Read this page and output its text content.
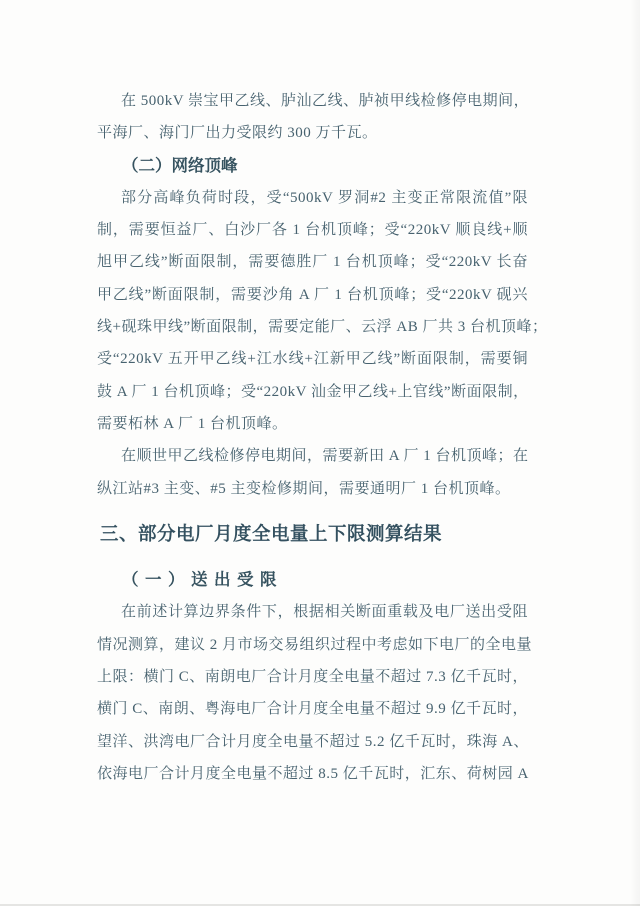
在 500kV 崇宝甲乙线、胪汕乙线、胪祯甲线检修停电期间，
平海厂、海门厂出力受限约 300 万千瓦。
（二）网络顶峰
部分高峰负荷时段，受“500kV 罗洞#2 主变正常限流值”限
制，需要恒益厂、白沙厂各 1 台机顶峰；受“220kV 顺良线+顺
旭甲乙线”断面限制，需要德胜厂 1 台机顶峰；受“220kV 长奋
甲乙线”断面限制，需要沙角 A 厂 1 台机顶峰；受“220kV 砚兴
线+砚珠甲线”断面限制，需要定能厂、云浮 AB 厂共 3 台机顶峰；
受“220kV 五开甲乙线+江水线+江新甲乙线”断面限制，需要铜
鼓 A 厂 1 台机顶峰；受“220kV 汕金甲乙线+上官线”断面限制，
需要柘林 A 厂 1 台机顶峰。
在顺世甲乙线检修停电期间，需要新田 A 厂 1 台机顶峰；在
纵江站#3 主变、#5 主变检修期间，需要通明厂 1 台机顶峰。
三、部分电厂月度全电量上下限测算结果
（一）送出受限
在前述计算边界条件下，根据相关断面重载及电厂送出受阻
情况测算，建议 2 月市场交易组织过程中考虑如下电厂的全电量
上限：横门 C、南朗电厂合计月度全电量不超过 7.3 亿千瓦时，
横门 C、南朗、粤海电厂合计月度全电量不超过 9.9 亿千瓦时，
望洋、洪湾电厂合计月度全电量不超过 5.2 亿千瓦时，珠海 A、
依海电厂合计月度全电量不超过 8.5 亿千瓦时，汇东、荷树园 A
